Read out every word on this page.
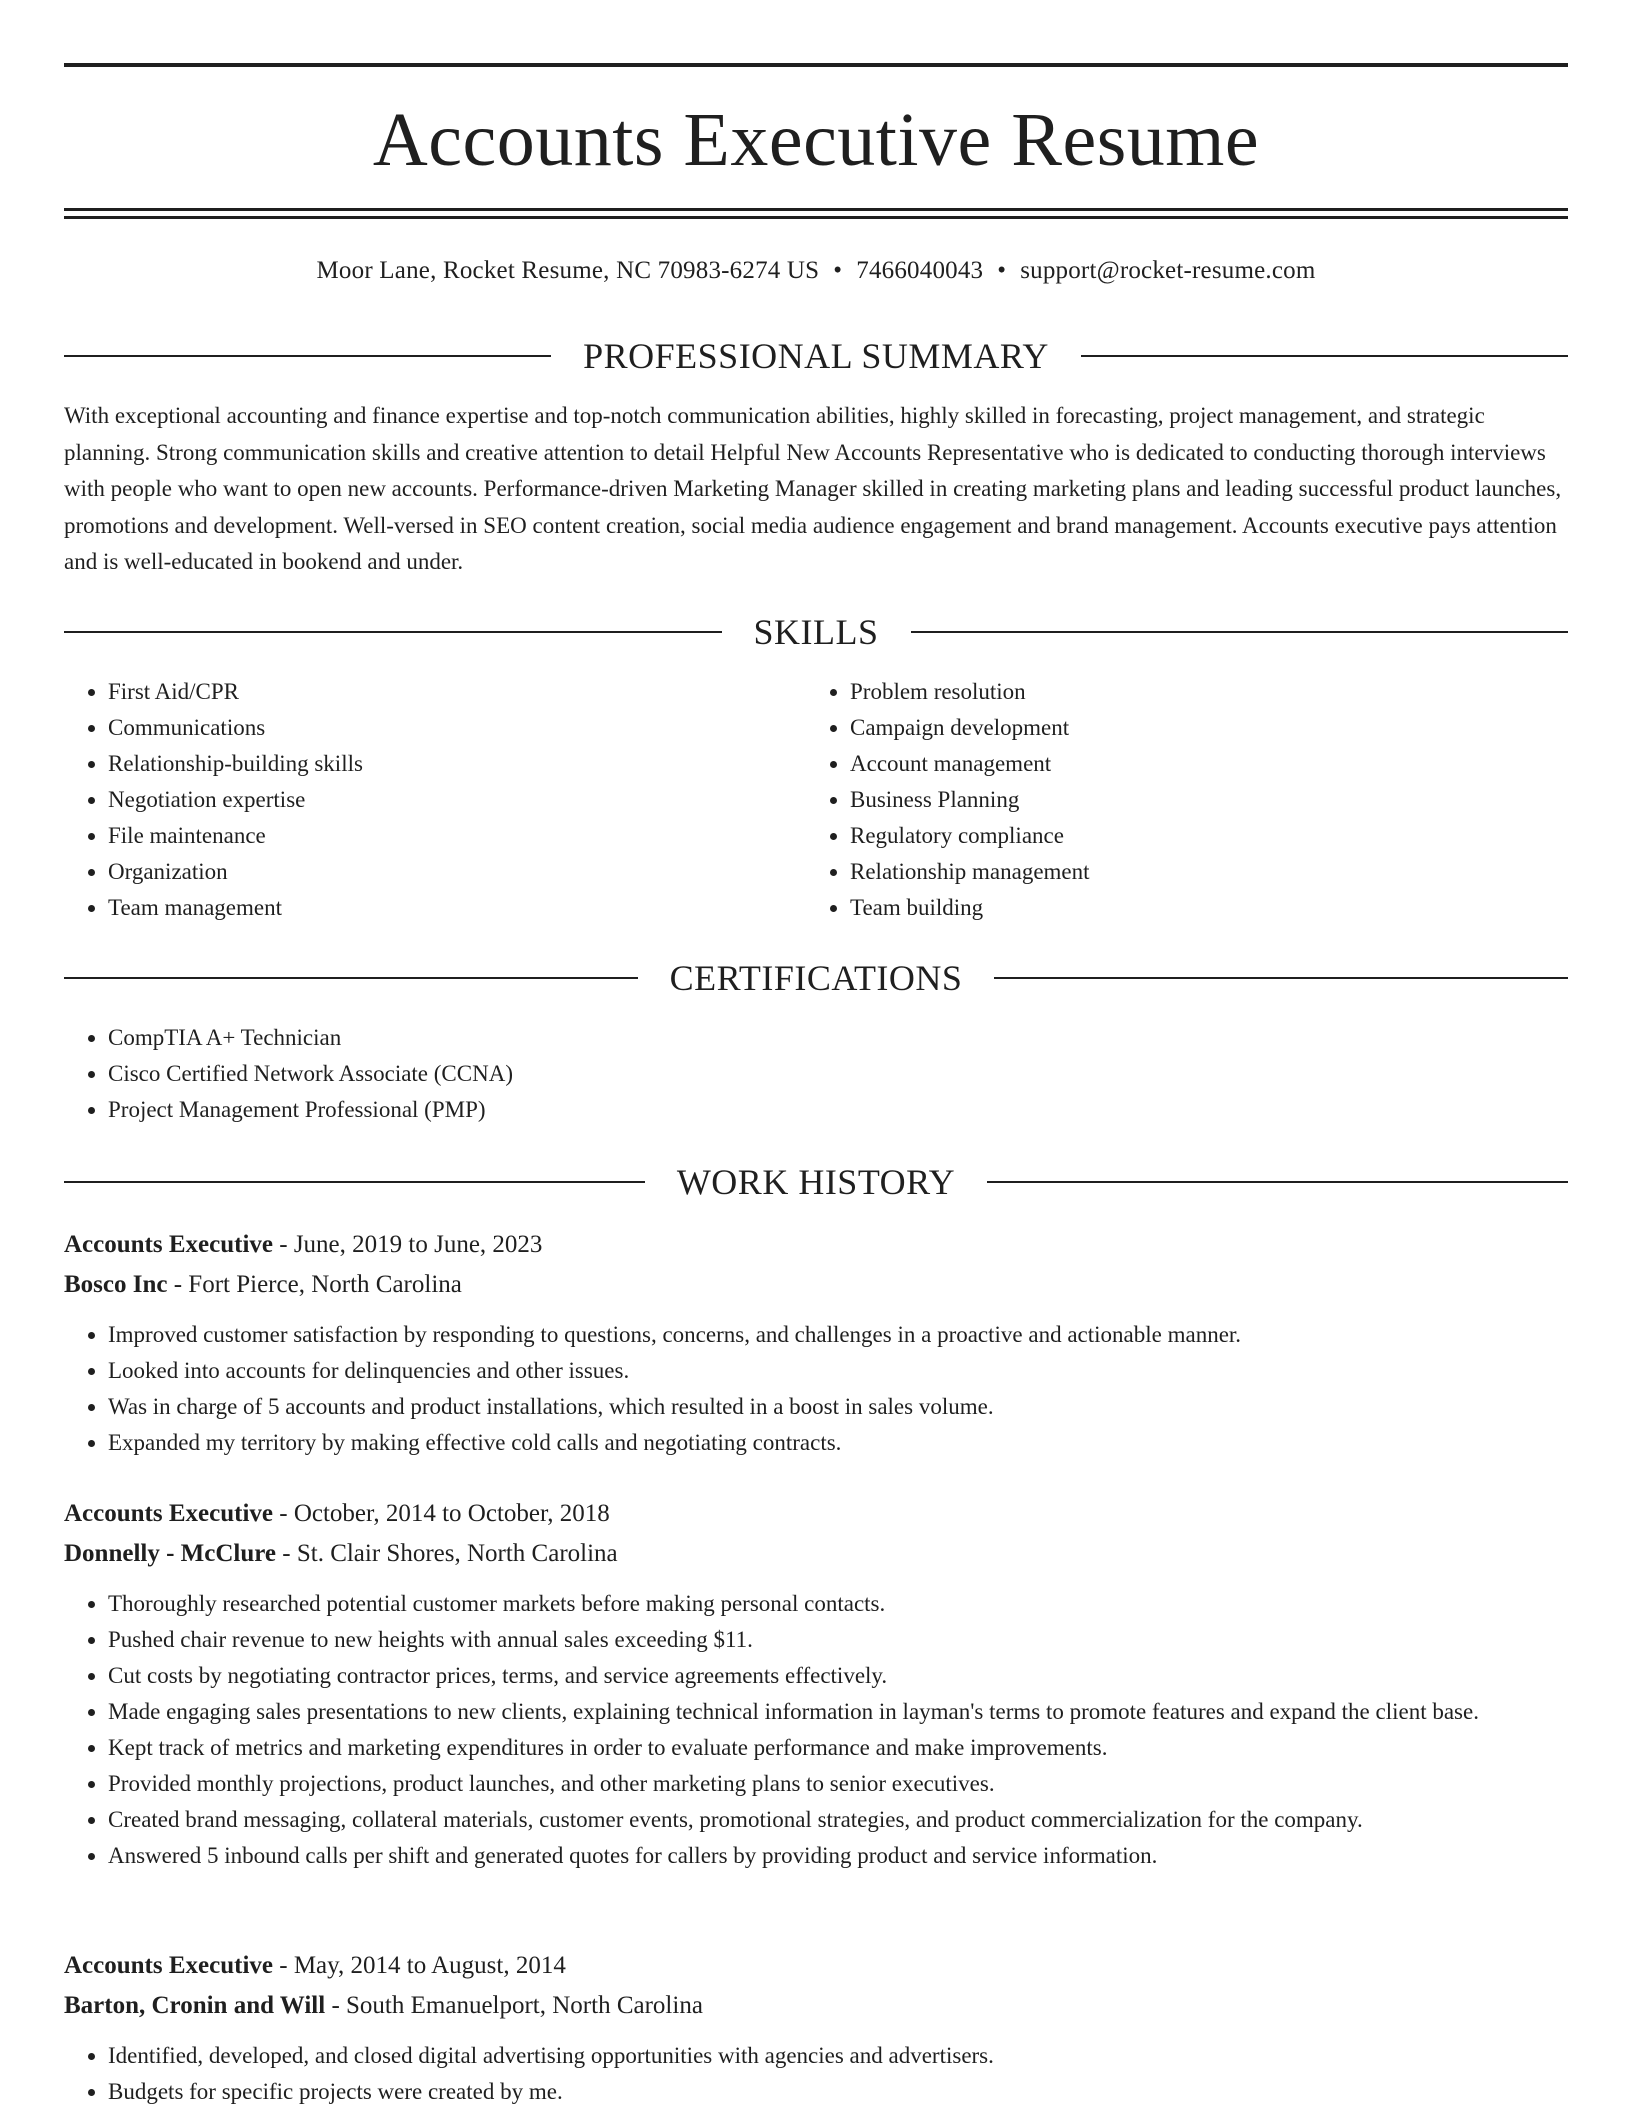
Accounts Executive Resume
Moor Lane, Rocket Resume, NC 70983-6274 US • 7466040043 • support@rocket-resume.com
PROFESSIONAL SUMMARY

With exceptional accounting and finance expertise and top-notch communication abilities, highly skilled in forecasting, project management, and strategic planning. Strong communication skills and creative attention to detail Helpful New Accounts Representative who is dedicated to conducting thorough interviews with people who want to open new accounts. Performance-driven Marketing Manager skilled in creating marketing plans and leading successful product launches, promotions and development. Well-versed in SEO content creation, social media audience engagement and brand management. Accounts executive pays attention and is well-educated in bookend and under.

SKILLS
• First Aid/CPR
• Communications
• Relationship-building skills
• Negotiation expertise
• File maintenance
• Organization
• Team management
• Problem resolution
• Campaign development
• Account management
• Business Planning
• Regulatory compliance
• Relationship management
• Team building
CERTIFICATIONS
• CompTIA A+ Technician
• Cisco Certified Network Associate (CCNA)
• Project Management Professional (PMP)
WORK HISTORY
Accounts Executive - June, 2019 to June, 2023
Bosco Inc - Fort Pierce, North Carolina
• Improved customer satisfaction by responding to questions, concerns, and challenges in a proactive and actionable manner.
• Looked into accounts for delinquencies and other issues.
• Was in charge of 5 accounts and product installations, which resulted in a boost in sales volume.
• Expanded my territory by making effective cold calls and negotiating contracts.
Accounts Executive - October, 2014 to October, 2018
Donnelly - McClure - St. Clair Shores, North Carolina
• Thoroughly researched potential customer markets before making personal contacts.
• Pushed chair revenue to new heights with annual sales exceeding $11.
• Cut costs by negotiating contractor prices, terms, and service agreements effectively.
• Made engaging sales presentations to new clients, explaining technical information in layman's terms to promote features and expand the client base.
• Kept track of metrics and marketing expenditures in order to evaluate performance and make improvements.
• Provided monthly projections, product launches, and other marketing plans to senior executives.
• Created brand messaging, collateral materials, customer events, promotional strategies, and product commercialization for the company.
• Answered 5 inbound calls per shift and generated quotes for callers by providing product and service information.
Accounts Executive - May, 2014 to August, 2014
Barton, Cronin and Will - South Emanuelport, North Carolina
• Identified, developed, and closed digital advertising opportunities with agencies and advertisers.
• Budgets for specific projects were created by me.
